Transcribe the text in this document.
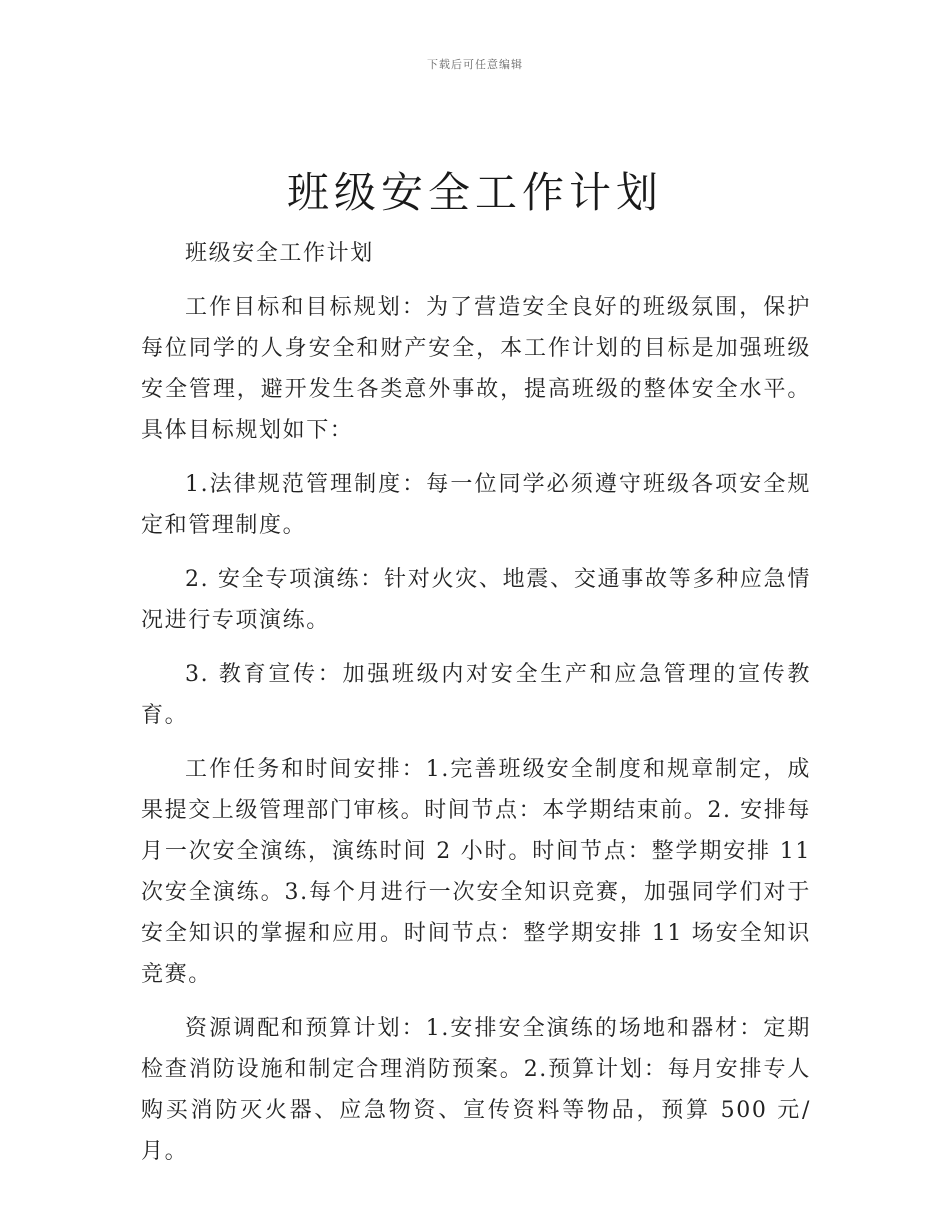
下载后可任意编辑
班级安全工作计划

班级安全工作计划

工作目标和目标规划：为了营造安全良好的班级氛围，保护每位同学的人身安全和财产安全，本工作计划的目标是加强班级安全管理，避开发生各类意外事故，提高班级的整体安全水平。具体目标规划如下：

1.法律规范管理制度：每一位同学必须遵守班级各项安全规定和管理制度。

2. 安全专项演练：针对火灾、地震、交通事故等多种应急情况进行专项演练。

3. 教育宣传：加强班级内对安全生产和应急管理的宣传教育。

工作任务和时间安排：1.完善班级安全制度和规章制定，成果提交上级管理部门审核。时间节点：本学期结束前。2. 安排每月一次安全演练，演练时间 2 小时。时间节点：整学期安排 11 次安全演练。3.每个月进行一次安全知识竞赛，加强同学们对于安全知识的掌握和应用。时间节点：整学期安排 11 场安全知识竞赛。

资源调配和预算计划：1.安排安全演练的场地和器材：定期检查消防设施和制定合理消防预案。2.预算计划：每月安排专人购买消防灭火器、应急物资、宣传资料等物品，预算 500 元/月。
